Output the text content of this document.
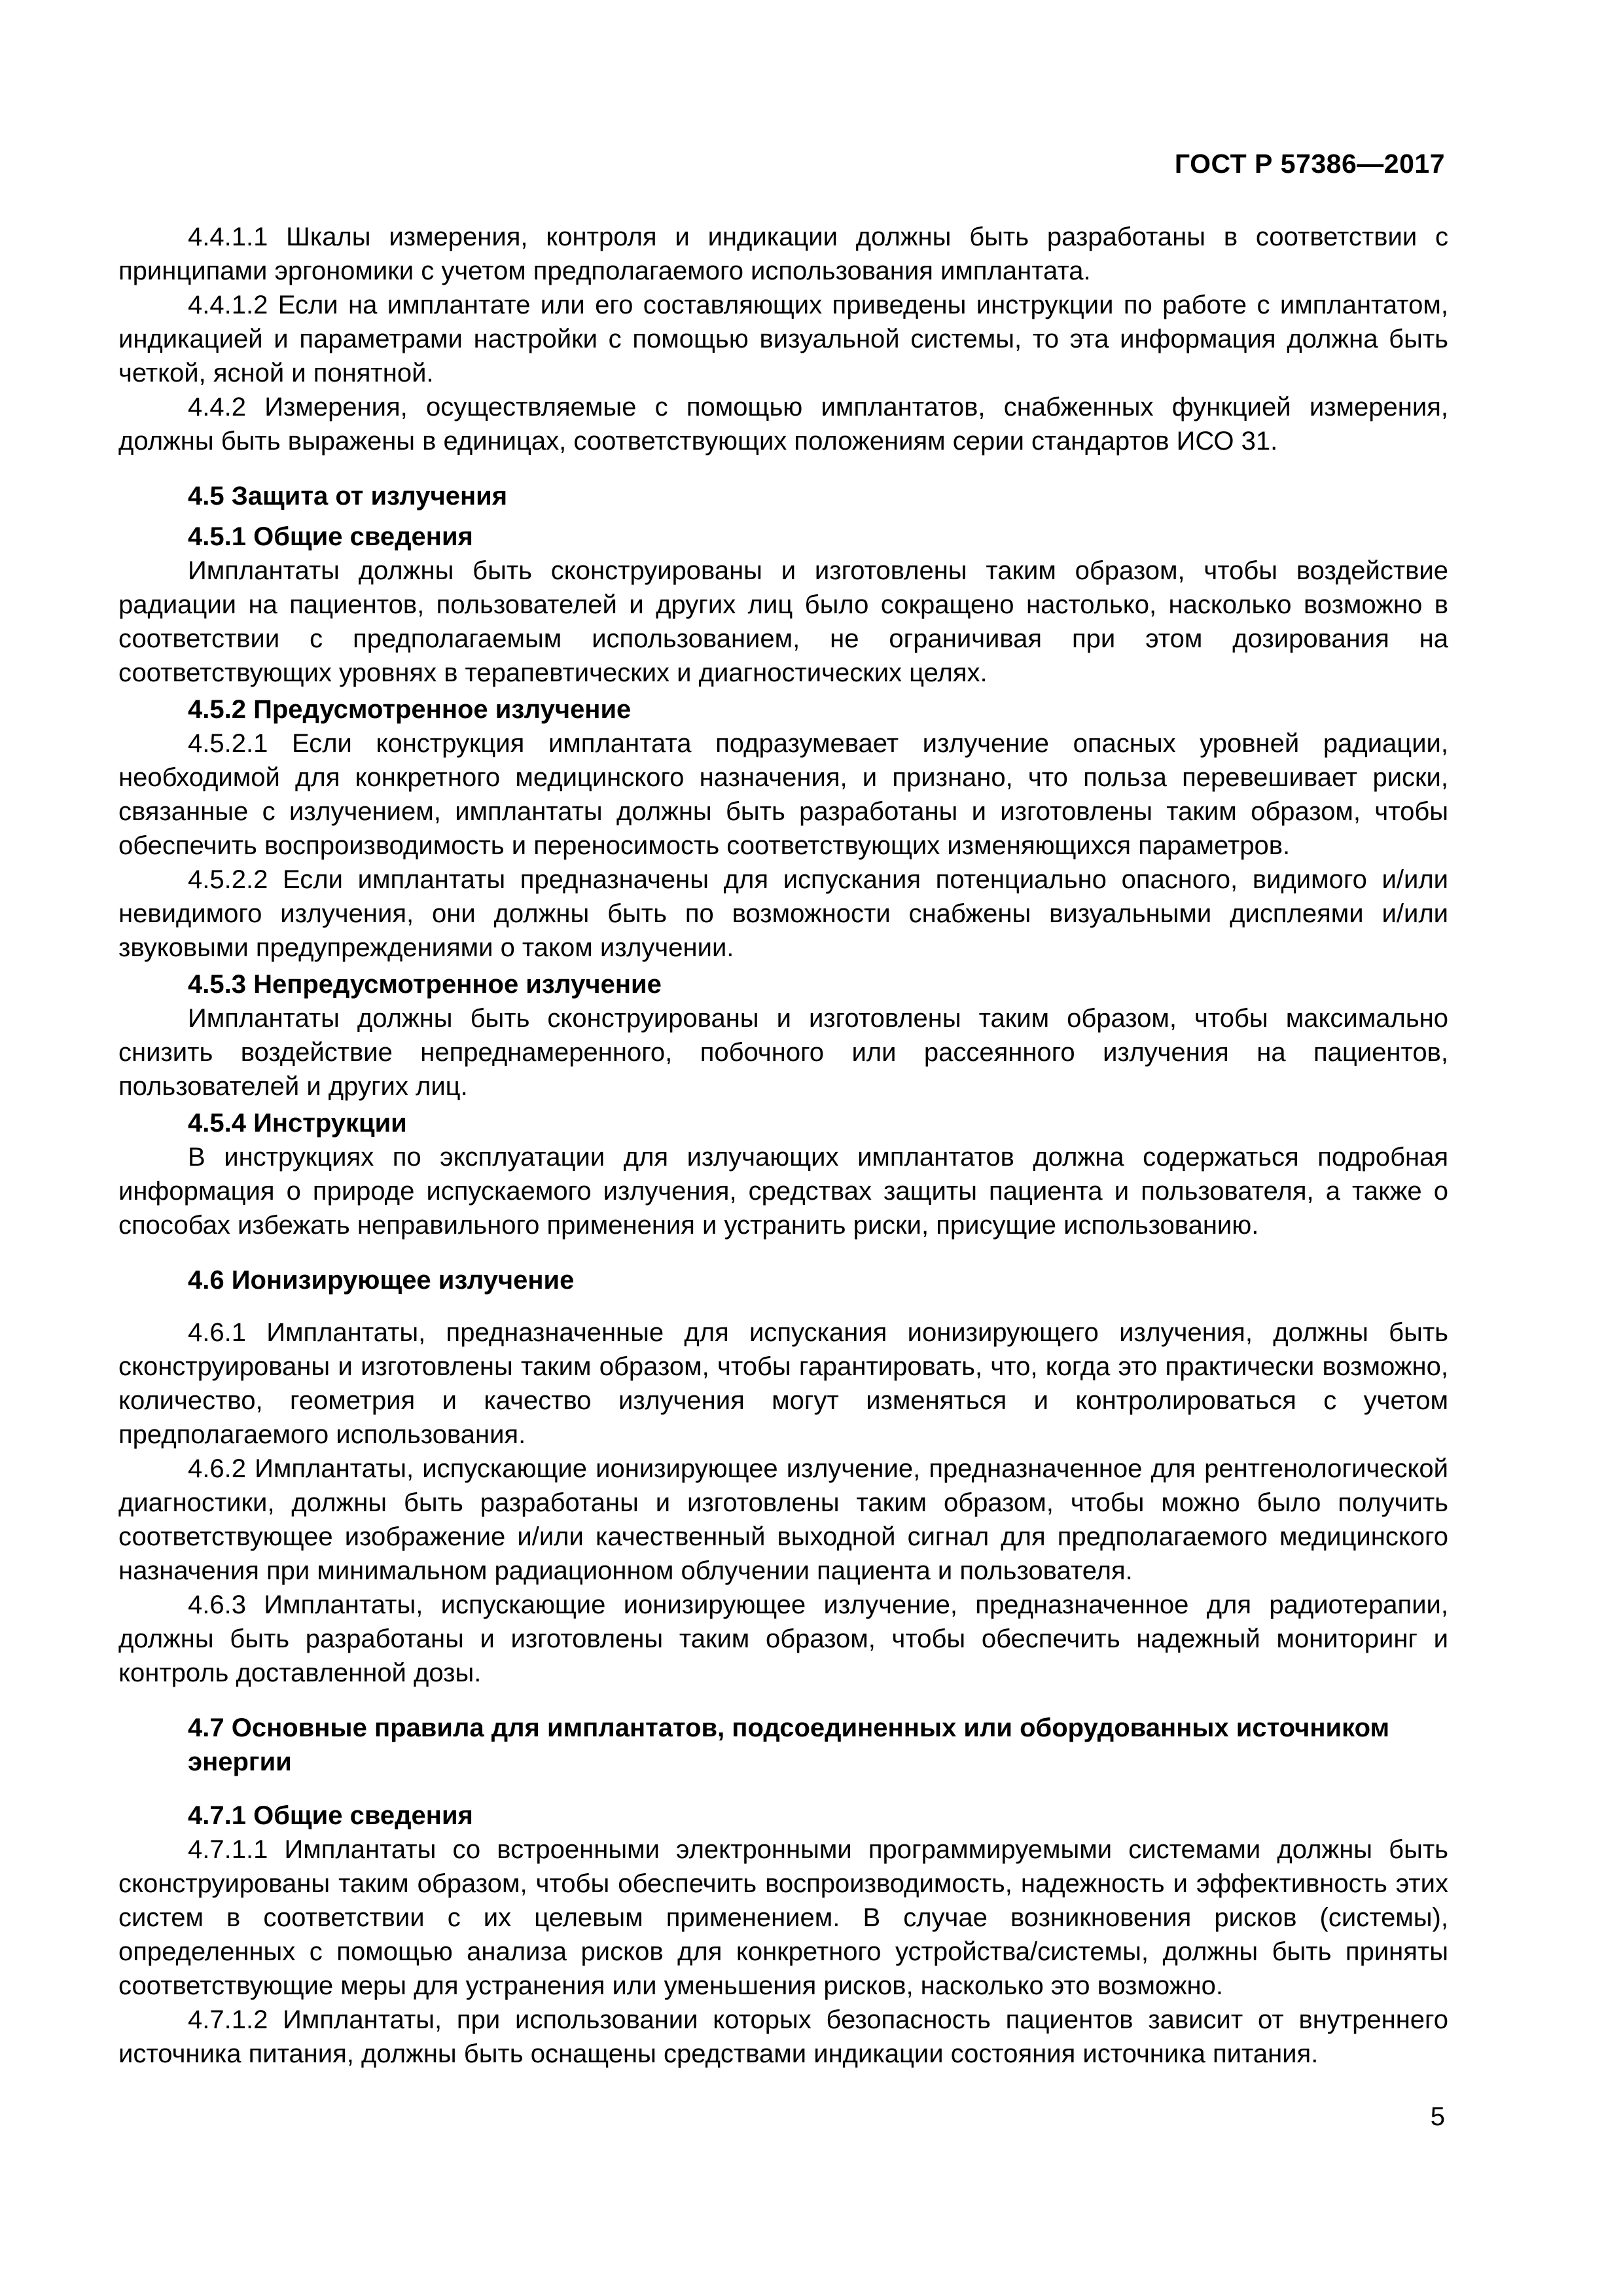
ГОСТ Р 57386—2017

4.4.1.1 Шкалы измерения, контроля и индикации должны быть разработаны в соответствии с принципами эргономики с учетом предполагаемого использования имплантата.

4.4.1.2 Если на имплантате или его составляющих приведены инструкции по работе с имплантатом, индикацией и параметрами настройки с помощью визуальной системы, то эта информация должна быть четкой, ясной и понятной.

4.4.2 Измерения, осуществляемые с помощью имплантатов, снабженных функцией измерения, должны быть выражены в единицах, соответствующих положениям серии стандартов ИСО 31.

4.5 Защита от излучения
4.5.1 Общие сведения

Имплантаты должны быть сконструированы и изготовлены таким образом, чтобы воздействие радиации на пациентов, пользователей и других лиц было сокращено настолько, насколько возможно в соответствии с предполагаемым использованием, не ограничивая при этом дозирования на соответствующих уровнях в терапевтических и диагностических целях.

4.5.2 Предусмотренное излучение

4.5.2.1 Если конструкция имплантата подразумевает излучение опасных уровней радиации, необходимой для конкретного медицинского назначения, и признано, что польза перевешивает риски, связанные с излучением, имплантаты должны быть разработаны и изготовлены таким образом, чтобы обеспечить воспроизводимость и переносимость соответствующих изменяющихся параметров.

4.5.2.2 Если имплантаты предназначены для испускания потенциально опасного, видимого и/или невидимого излучения, они должны быть по возможности снабжены визуальными дисплеями и/или звуковыми предупреждениями о таком излучении.

4.5.3 Непредусмотренное излучение

Имплантаты должны быть сконструированы и изготовлены таким образом, чтобы максимально снизить воздействие непреднамеренного, побочного или рассеянного излучения на пациентов, пользователей и других лиц.

4.5.4 Инструкции

В инструкциях по эксплуатации для излучающих имплантатов должна содержаться подробная информация о природе испускаемого излучения, средствах защиты пациента и пользователя, а также о способах избежать неправильного применения и устранить риски, присущие использованию.

4.6 Ионизирующее излучение

4.6.1 Имплантаты, предназначенные для испускания ионизирующего излучения, должны быть сконструированы и изготовлены таким образом, чтобы гарантировать, что, когда это практически возможно, количество, геометрия и качество излучения могут изменяться и контролироваться с учетом предполагаемого использования.

4.6.2 Имплантаты, испускающие ионизирующее излучение, предназначенное для рентгенологической диагностики, должны быть разработаны и изготовлены таким образом, чтобы можно было получить соответствующее изображение и/или качественный выходной сигнал для предполагаемого медицинского назначения при минимальном радиационном облучении пациента и пользователя.

4.6.3 Имплантаты, испускающие ионизирующее излучение, предназначенное для радиотерапии, должны быть разработаны и изготовлены таким образом, чтобы обеспечить надежный мониторинг и контроль доставленной дозы.

4.7 Основные правила для имплантатов, подсоединенных или оборудованных источником энергии
4.7.1 Общие сведения

4.7.1.1 Имплантаты со встроенными электронными программируемыми системами должны быть сконструированы таким образом, чтобы обеспечить воспроизводимость, надежность и эффективность этих систем в соответствии с их целевым применением. В случае возникновения рисков (системы), определенных с помощью анализа рисков для конкретного устройства/системы, должны быть приняты соответствующие меры для устранения или уменьшения рисков, насколько это возможно.

4.7.1.2 Имплантаты, при использовании которых безопасность пациентов зависит от внутреннего источника питания, должны быть оснащены средствами индикации состояния источника питания.

5
